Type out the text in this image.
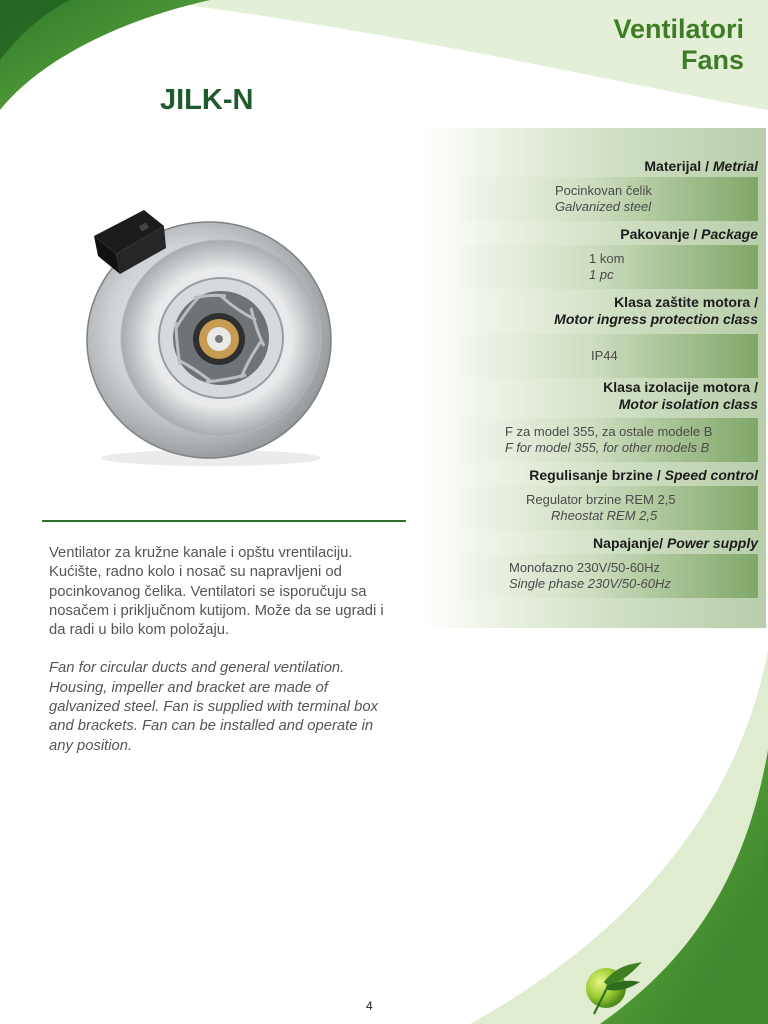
Ventilatori
Fans
JILK-N

Ventilator za kružne kanale i opštu vrentilaciju. Kućište, radno kolo i nosač su napravljeni od pocinkovanog čelika. Ventilatori se isporučuju sa nosačem i priključnom kutijom. Može da se ugradi i da radi u bilo kom položaju.

Fan for circular ducts and general ventilation. Housing, impeller and bracket are made of galvanized steel. Fan is supplied with terminal box and brackets. Fan can be installed and operate in any position.

Materijal / Metrial
Pocinkovan čelik
Galvanized steel
Pakovanje / Package
1 kom
1 pc
Klasa zaštite motora /
Motor ingress protection class
IP44
Klasa izolacije motora /
Motor isolation class
F za model 355, za ostale modele B
F for model 355, for other models B
Regulisanje brzine / Speed control
Regulator brzine REM 2,5
Rheostat REM 2,5
Napajanje/ Power supply
Monofazno 230V/50-60Hz
Single phase 230V/50-60Hz
4
